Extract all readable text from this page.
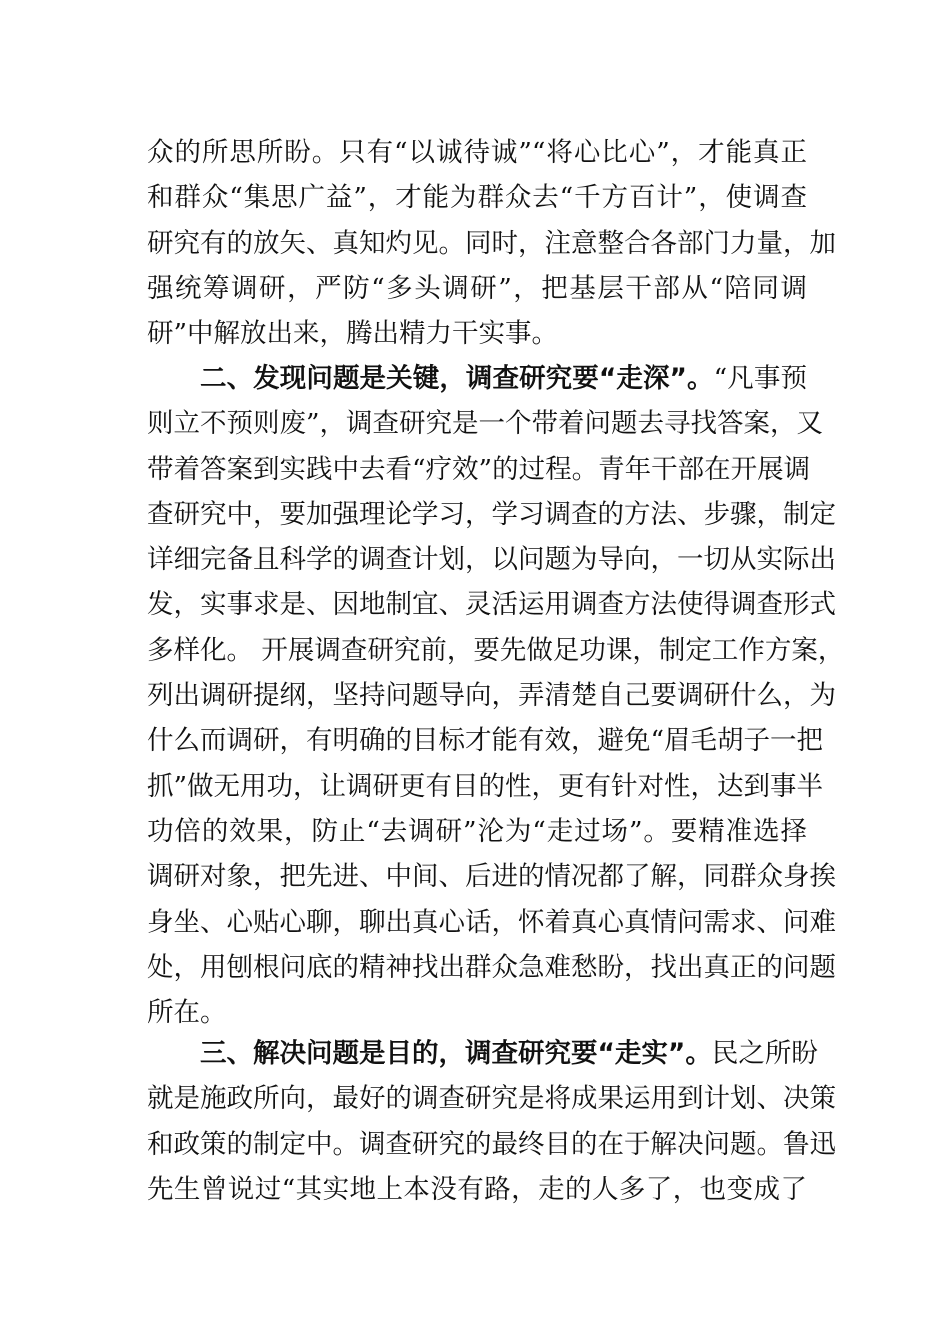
众的所思所盼。只有“以诚待诚”“将心比心”，才能真正
和群众“集思广益”，才能为群众去“千方百计”，使调查
研究有的放矢、真知灼见。同时，注意整合各部门力量，加
强统筹调研，严防“多头调研”，把基层干部从“陪同调
研”中解放出来，腾出精力干实事。
二、发现问题是关键，调查研究要“走深”。“凡事预
则立不预则废”，调查研究是一个带着问题去寻找答案，又
带着答案到实践中去看“疗效”的过程。青年干部在开展调
查研究中，要加强理论学习，学习调查的方法、步骤，制定
详细完备且科学的调查计划，以问题为导向，一切从实际出
发，实事求是、因地制宜、灵活运用调查方法使得调查形式
多样化。 开展调查研究前，要先做足功课，制定工作方案，
列出调研提纲，坚持问题导向，弄清楚自己要调研什么，为
什么而调研，有明确的目标才能有效，避免“眉毛胡子一把
抓”做无用功，让调研更有目的性，更有针对性，达到事半
功倍的效果，防止“去调研”沦为“走过场”。要精准选择
调研对象，把先进、中间、后进的情况都了解，同群众身挨
身坐、心贴心聊，聊出真心话，怀着真心真情问需求、问难
处，用刨根问底的精神找出群众急难愁盼，找出真正的问题
所在。
三、解决问题是目的，调查研究要“走实”。民之所盼
就是施政所向，最好的调查研究是将成果运用到计划、决策
和政策的制定中。调查研究的最终目的在于解决问题。鲁迅
先生曾说过“其实地上本没有路，走的人多了，也变成了
